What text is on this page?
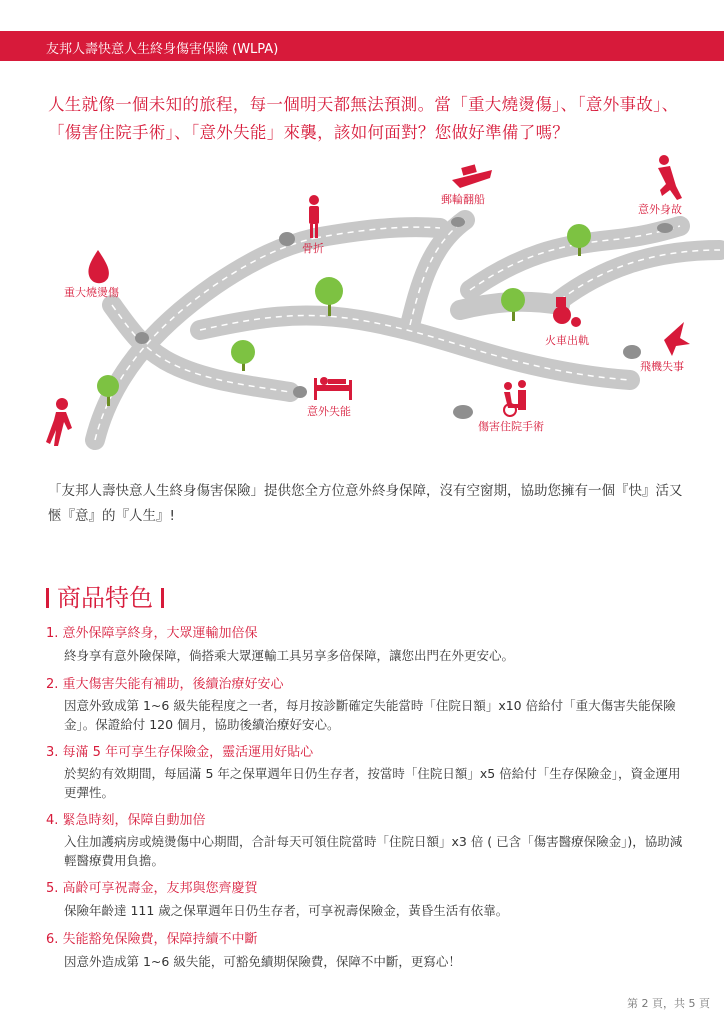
友邦人壽快意人生終身傷害保險 (WLPA)
人生就像一個未知的旅程，每一個明天都無法預測。當「重大燒燙傷」、「意外事故」、「傷害住院手術」、「意外失能」來襲，該如何面對？您做好準備了嗎？
重大燒燙傷
骨折
郵輪翻船
意外身故
火車出軌
飛機失事
意外失能
傷害住院手術
「友邦人壽快意人生終身傷害保險」提供您全方位意外終身保障，沒有空窗期，協助您擁有一個『快』活又愜『意』的『人生』!
商品特色
1. 意外保障享終身，大眾運輸加倍保
終身享有意外險保障，倘搭乘大眾運輸工具另享多倍保障，讓您出門在外更安心。
2. 重大傷害失能有補助，後續治療好安心
因意外致成第 1~6 級失能程度之一者，每月按診斷確定失能當時「住院日額」x10 倍給付「重大傷害失能保險金」。保證給付 120 個月，協助後續治療好安心。
3. 每滿 5 年可享生存保險金，靈活運用好貼心
於契約有效期間，每屆滿 5 年之保單週年日仍生存者，按當時「住院日額」x5 倍給付「生存保險金」，資金運用更彈性。
4. 緊急時刻，保障自動加倍
入住加護病房或燒燙傷中心期間，合計每天可領住院當時「住院日額」x3 倍 ( 已含「傷害醫療保險金」)，協助減輕醫療費用負擔。
5. 高齡可享祝壽金，友邦與您齊慶賀
保險年齡達 111 歲之保單週年日仍生存者，可享祝壽保險金，黃昏生活有依靠。
6. 失能豁免保險費，保障持續不中斷
因意外造成第 1~6 級失能，可豁免續期保險費，保障不中斷，更寫心！
第 2 頁，共 5 頁
